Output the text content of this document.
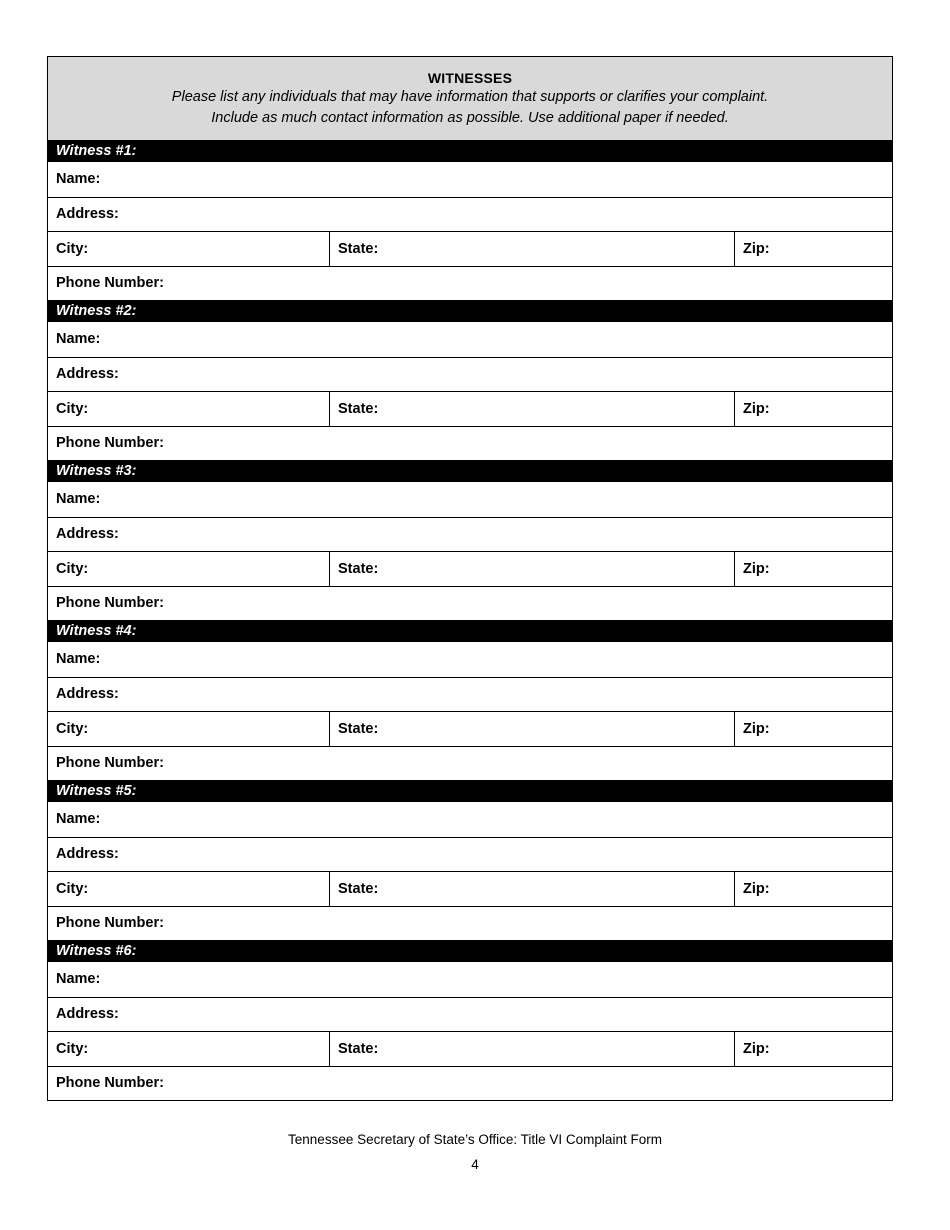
WITNESSES
Please list any individuals that may have information that supports or clarifies your complaint.
Include as much contact information as possible. Use additional paper if needed.
Witness #1:
Name:
Address:
City:	State:	Zip:
Phone Number:
Witness #2:
Name:
Address:
City:	State:	Zip:
Phone Number:
Witness #3:
Name:
Address:
City:	State:	Zip:
Phone Number:
Witness #4:
Name:
Address:
City:	State:	Zip:
Phone Number:
Witness #5:
Name:
Address:
City:	State:	Zip:
Phone Number:
Witness #6:
Name:
Address:
City:	State:	Zip:
Phone Number:
Tennessee Secretary of State’s Office: Title VI Complaint Form
4
